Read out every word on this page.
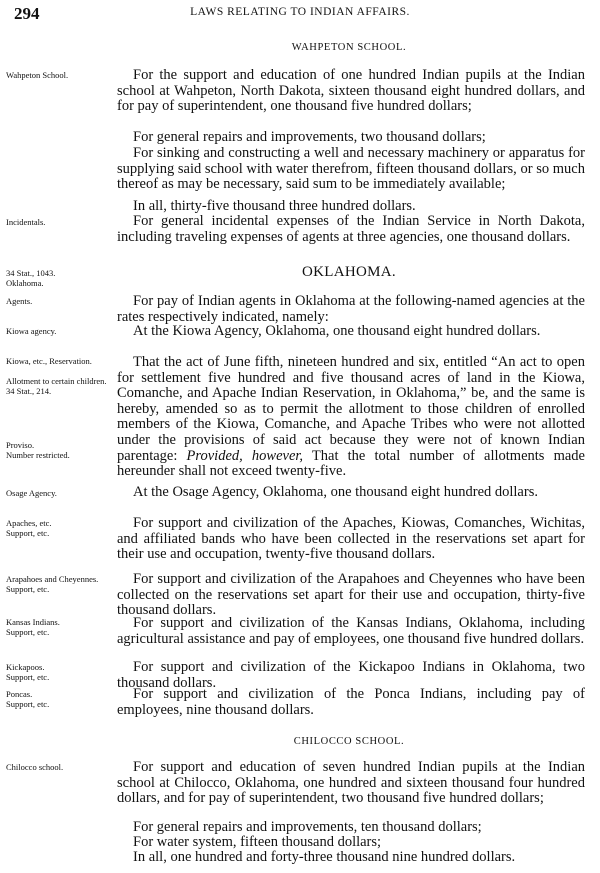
294	LAWS RELATING TO INDIAN AFFAIRS.
WAHPETON SCHOOL.
Wahpeton School.	For the support and education of one hundred Indian pupils at the Indian school at Wahpeton, North Dakota, sixteen thousand eight hundred dollars, and for pay of superintendent, one thousand five hundred dollars;
For general repairs and improvements, two thousand dollars;
For sinking and constructing a well and necessary machinery or apparatus for supplying said school with water therefrom, fifteen thousand dollars, or so much thereof as may be necessary, said sum to be immediately available;
In all, thirty-five thousand three hundred dollars.
Incidentals.	For general incidental expenses of the Indian Service in North Dakota, including traveling expenses of agents at three agencies, one thousand dollars.
34 Stat., 1043.
Oklahoma.
OKLAHOMA.
Agents.	For pay of Indian agents in Oklahoma at the following-named agencies at the rates respectively indicated, namely:
Kiowa agency.	At the Kiowa Agency, Oklahoma, one thousand eight hundred dollars.
Kiowa, etc., Reservation.
Allotment to certain children.
34 Stat., 214.
Proviso.
Number restricted.
That the act of June fifth, nineteen hundred and six, entitled “An act to open for settlement five hundred and five thousand acres of land in the Kiowa, Comanche, and Apache Indian Reservation, in Oklahoma,” be, and the same is hereby, amended so as to permit the allotment to those children of enrolled members of the Kiowa, Comanche, and Apache Tribes who were not allotted under the provisions of said act because they were not of known Indian parentage: Provided, however, That the total number of allotments made hereunder shall not exceed twenty-five.
Osage Agency.	At the Osage Agency, Oklahoma, one thousand eight hundred dollars.
Apaches, etc.
Support, etc.
For support and civilization of the Apaches, Kiowas, Comanches, Wichitas, and affiliated bands who have been collected in the reservations set apart for their use and occupation, twenty-five thousand dollars.
Arapahoes and Cheyennes.
Support, etc.
For support and civilization of the Arapahoes and Cheyennes who have been collected on the reservations set apart for their use and occupation, thirty-five thousand dollars.
Kansas Indians.
Support, etc.
For support and civilization of the Kansas Indians, Oklahoma, including agricultural assistance and pay of employees, one thousand five hundred dollars.
Kickapoos.
Support, etc.
For support and civilization of the Kickapoo Indians in Oklahoma, two thousand dollars.
Poncas.
Support, etc.
For support and civilization of the Ponca Indians, including pay of employees, nine thousand dollars.
CHILOCCO SCHOOL.
Chilocco school.	For support and education of seven hundred Indian pupils at the Indian school at Chilocco, Oklahoma, one hundred and sixteen thousand four hundred dollars, and for pay of superintendent, two thousand five hundred dollars;
For general repairs and improvements, ten thousand dollars;
For water system, fifteen thousand dollars;
In all, one hundred and forty-three thousand nine hundred dollars.
